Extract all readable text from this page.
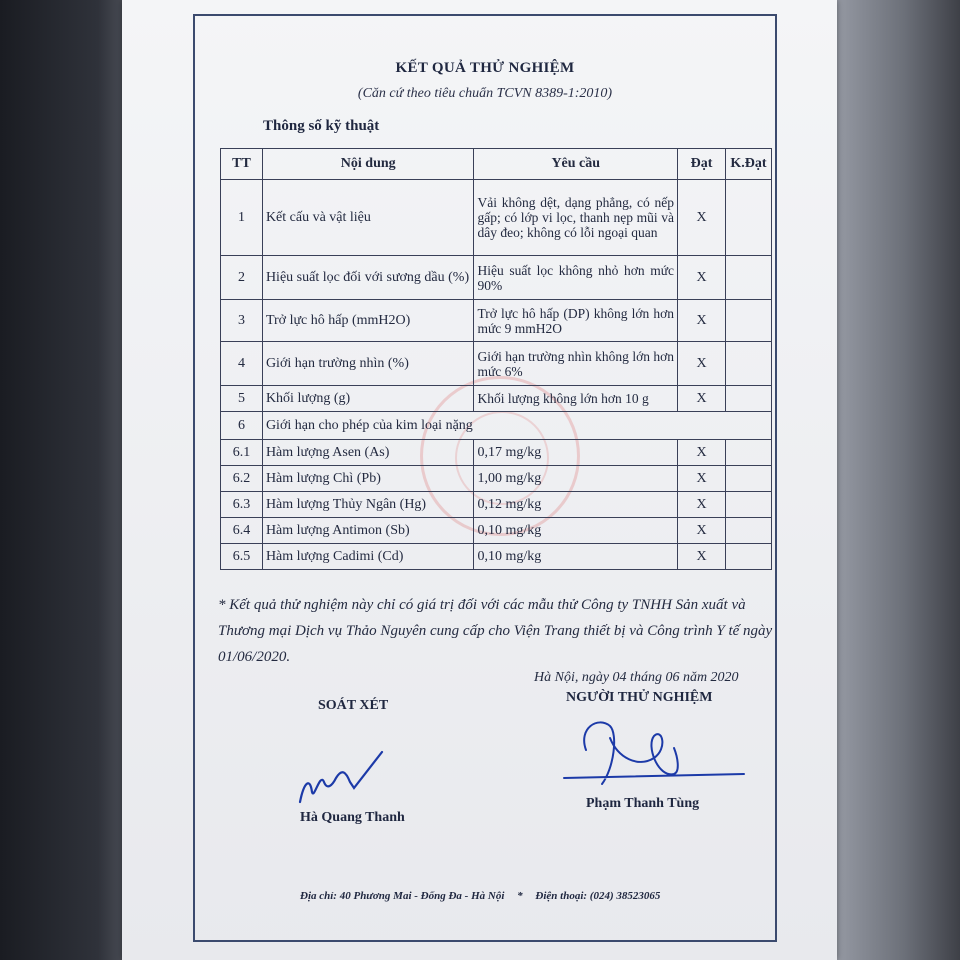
KẾT QUẢ THỬ NGHIỆM
(Căn cứ theo tiêu chuẩn TCVN 8389-1:2010)
Thông số kỹ thuật
TT	Nội dung	Yêu cầu	Đạt	K.Đạt
1	Kết cấu và vật liệu	Vải không dệt, dạng phẳng, có nếp gấp; có lớp vi lọc, thanh nẹp mũi và dây đeo; không có lỗi ngoại quan	X	
2	Hiệu suất lọc đối với sương dầu (%)	Hiệu suất lọc không nhỏ hơn mức 90%	X	
3	Trở lực hô hấp (mmH2O)	Trở lực hô hấp (DP) không lớn hơn mức 9 mmH2O	X	
4	Giới hạn trường nhìn (%)	Giới hạn trường nhìn không lớn hơn mức 6%	X	
5	Khối lượng (g)	Khối lượng không lớn hơn 10 g	X	
6	Giới hạn cho phép của kim loại nặng			
6.1	Hàm lượng Asen (As)	0,17 mg/kg	X	
6.2	Hàm lượng Chì (Pb)	1,00 mg/kg	X	
6.3	Hàm lượng Thủy Ngân (Hg)	0,12 mg/kg	X	
6.4	Hàm lượng Antimon (Sb)	0,10 mg/kg	X	
6.5	Hàm lượng Cadimi (Cd)	0,10 mg/kg	X	
* Kết quả thử nghiệm này chỉ có giá trị đối với các mẫu thử Công ty TNHH Sản xuất và Thương mại Dịch vụ Thảo Nguyên cung cấp cho Viện Trang thiết bị và Công trình Y tế ngày 01/06/2020.
Hà Nội, ngày 04 tháng 06 năm 2020
SOÁT XÉT
NGƯỜI THỬ NGHIỆM
Hà Quang Thanh
Phạm Thanh Tùng
Địa chỉ: 40 Phương Mai - Đống Đa - Hà Nội * Điện thoại: (024) 38523065
